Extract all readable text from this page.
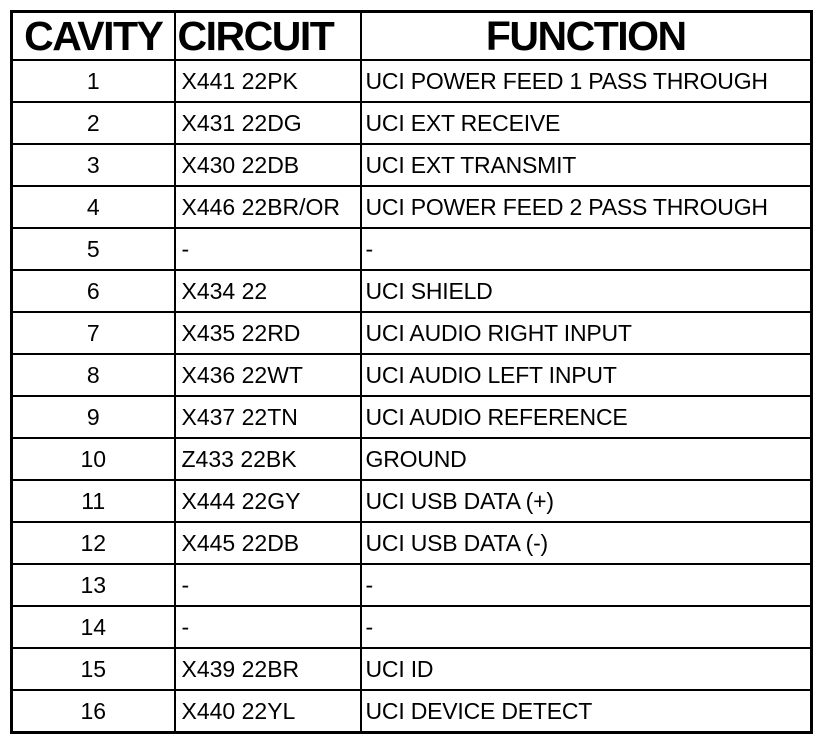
CAVITY	CIRCUIT	FUNCTION
1	X441 22PK	UCI POWER FEED 1 PASS THROUGH
2	X431 22DG	UCI EXT RECEIVE
3	X430 22DB	UCI EXT TRANSMIT
4	X446 22BR/OR	UCI POWER FEED 2 PASS THROUGH
5	-	-
6	X434 22	UCI SHIELD
7	X435 22RD	UCI AUDIO RIGHT INPUT
8	X436 22WT	UCI AUDIO LEFT INPUT
9	X437 22TN	UCI AUDIO REFERENCE
10	Z433 22BK	GROUND
11	X444 22GY	UCI USB DATA (+)
12	X445 22DB	UCI USB DATA (-)
13	-	-
14	-	-
15	X439 22BR	UCI ID
16	X440 22YL	UCI DEVICE DETECT
